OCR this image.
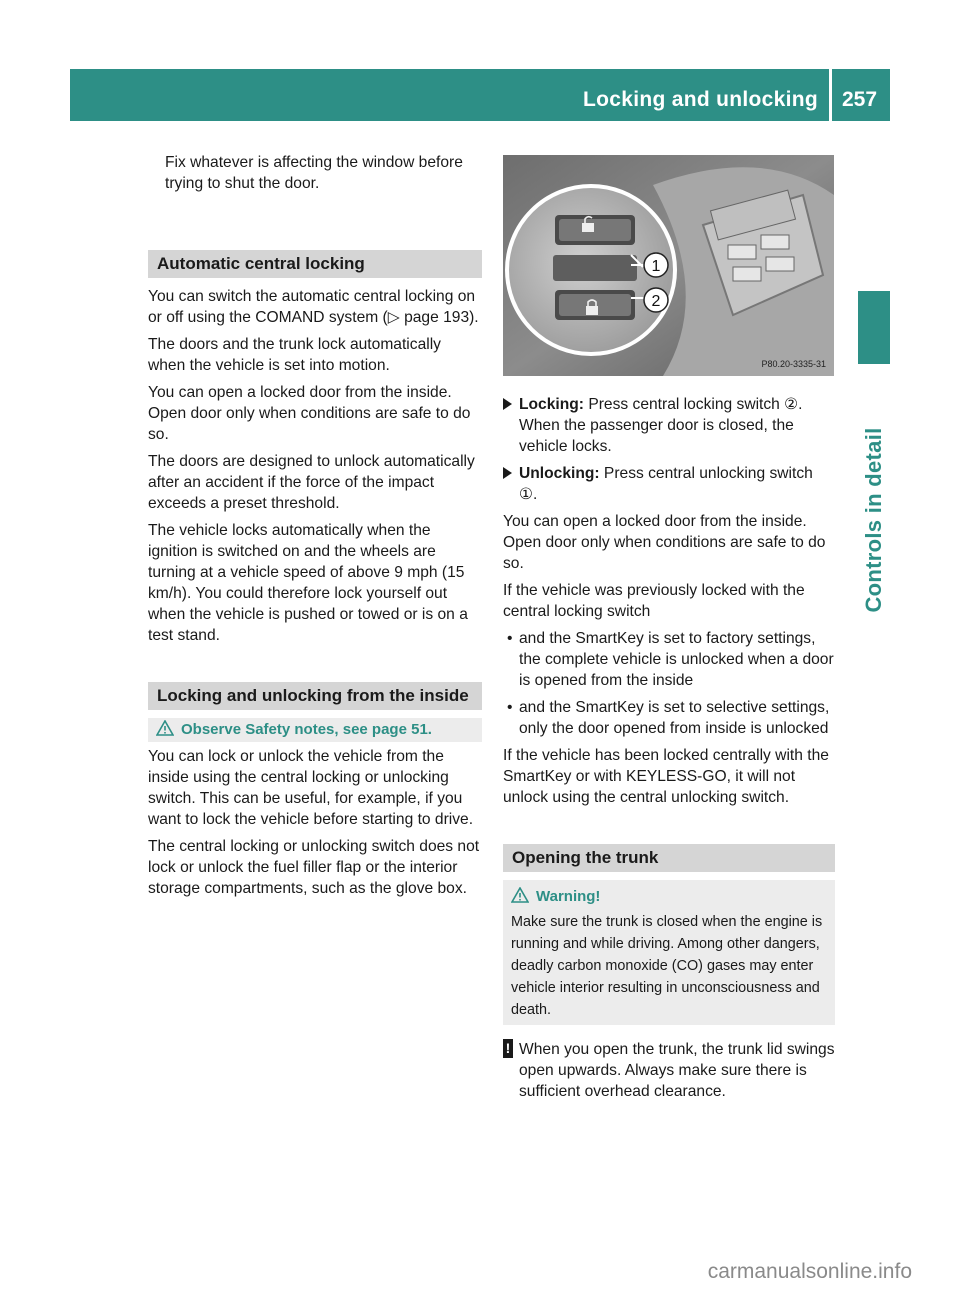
Locking and unlocking 257
Controls in detail

Fix whatever is affecting the window before trying to shut the door.

Automatic central locking

You can switch the automatic central locking on or off using the COMAND system (▷ page 193).

The doors and the trunk lock automatically when the vehicle is set into motion.

You can open a locked door from the inside. Open door only when conditions are safe to do so.

The doors are designed to unlock automatically after an accident if the force of the impact exceeds a preset threshold.

The vehicle locks automatically when the ignition is switched on and the wheels are turning at a vehicle speed of above 9 mph (15 km/h). You could therefore lock yourself out when the vehicle is pushed or towed or is on a test stand.

Locking and unlocking from the inside
Observe Safety notes, see page 51.

You can lock or unlock the vehicle from the inside using the central locking or unlocking switch. This can be useful, for example, if you want to lock the vehicle before starting to drive.

The central locking or unlocking switch does not lock or unlock the fuel filler flap or the interior storage compartments, such as the glove box.

1
2
P80.20-3335-31
Locking: Press central locking switch ②. When the passenger door is closed, the vehicle locks.
Unlocking: Press central unlocking switch ①.

You can open a locked door from the inside. Open door only when conditions are safe to do so.

If the vehicle was previously locked with the central locking switch

• and the SmartKey is set to factory settings, the complete vehicle is unlocked when a door is opened from the inside
• and the SmartKey is set to selective settings, only the door opened from inside is unlocked

If the vehicle has been locked centrally with the SmartKey or with KEYLESS-GO, it will not unlock using the central unlocking switch.

Opening the trunk
Warning!
Make sure the trunk is closed when the engine is running and while driving. Among other dangers, deadly carbon monoxide (CO) gases may enter vehicle interior resulting in unconsciousness and death.
! When you open the trunk, the trunk lid swings open upwards. Always make sure there is sufficient overhead clearance.
carmanualsonline.info
